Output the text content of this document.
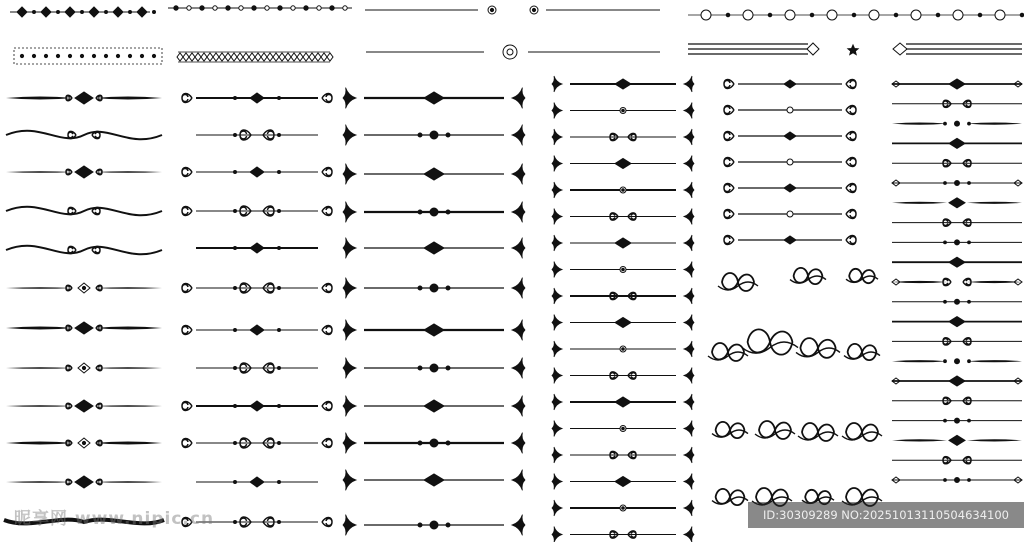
昵享网 www.nipic.cn	ID:30309289 NO:20251013110504634100
